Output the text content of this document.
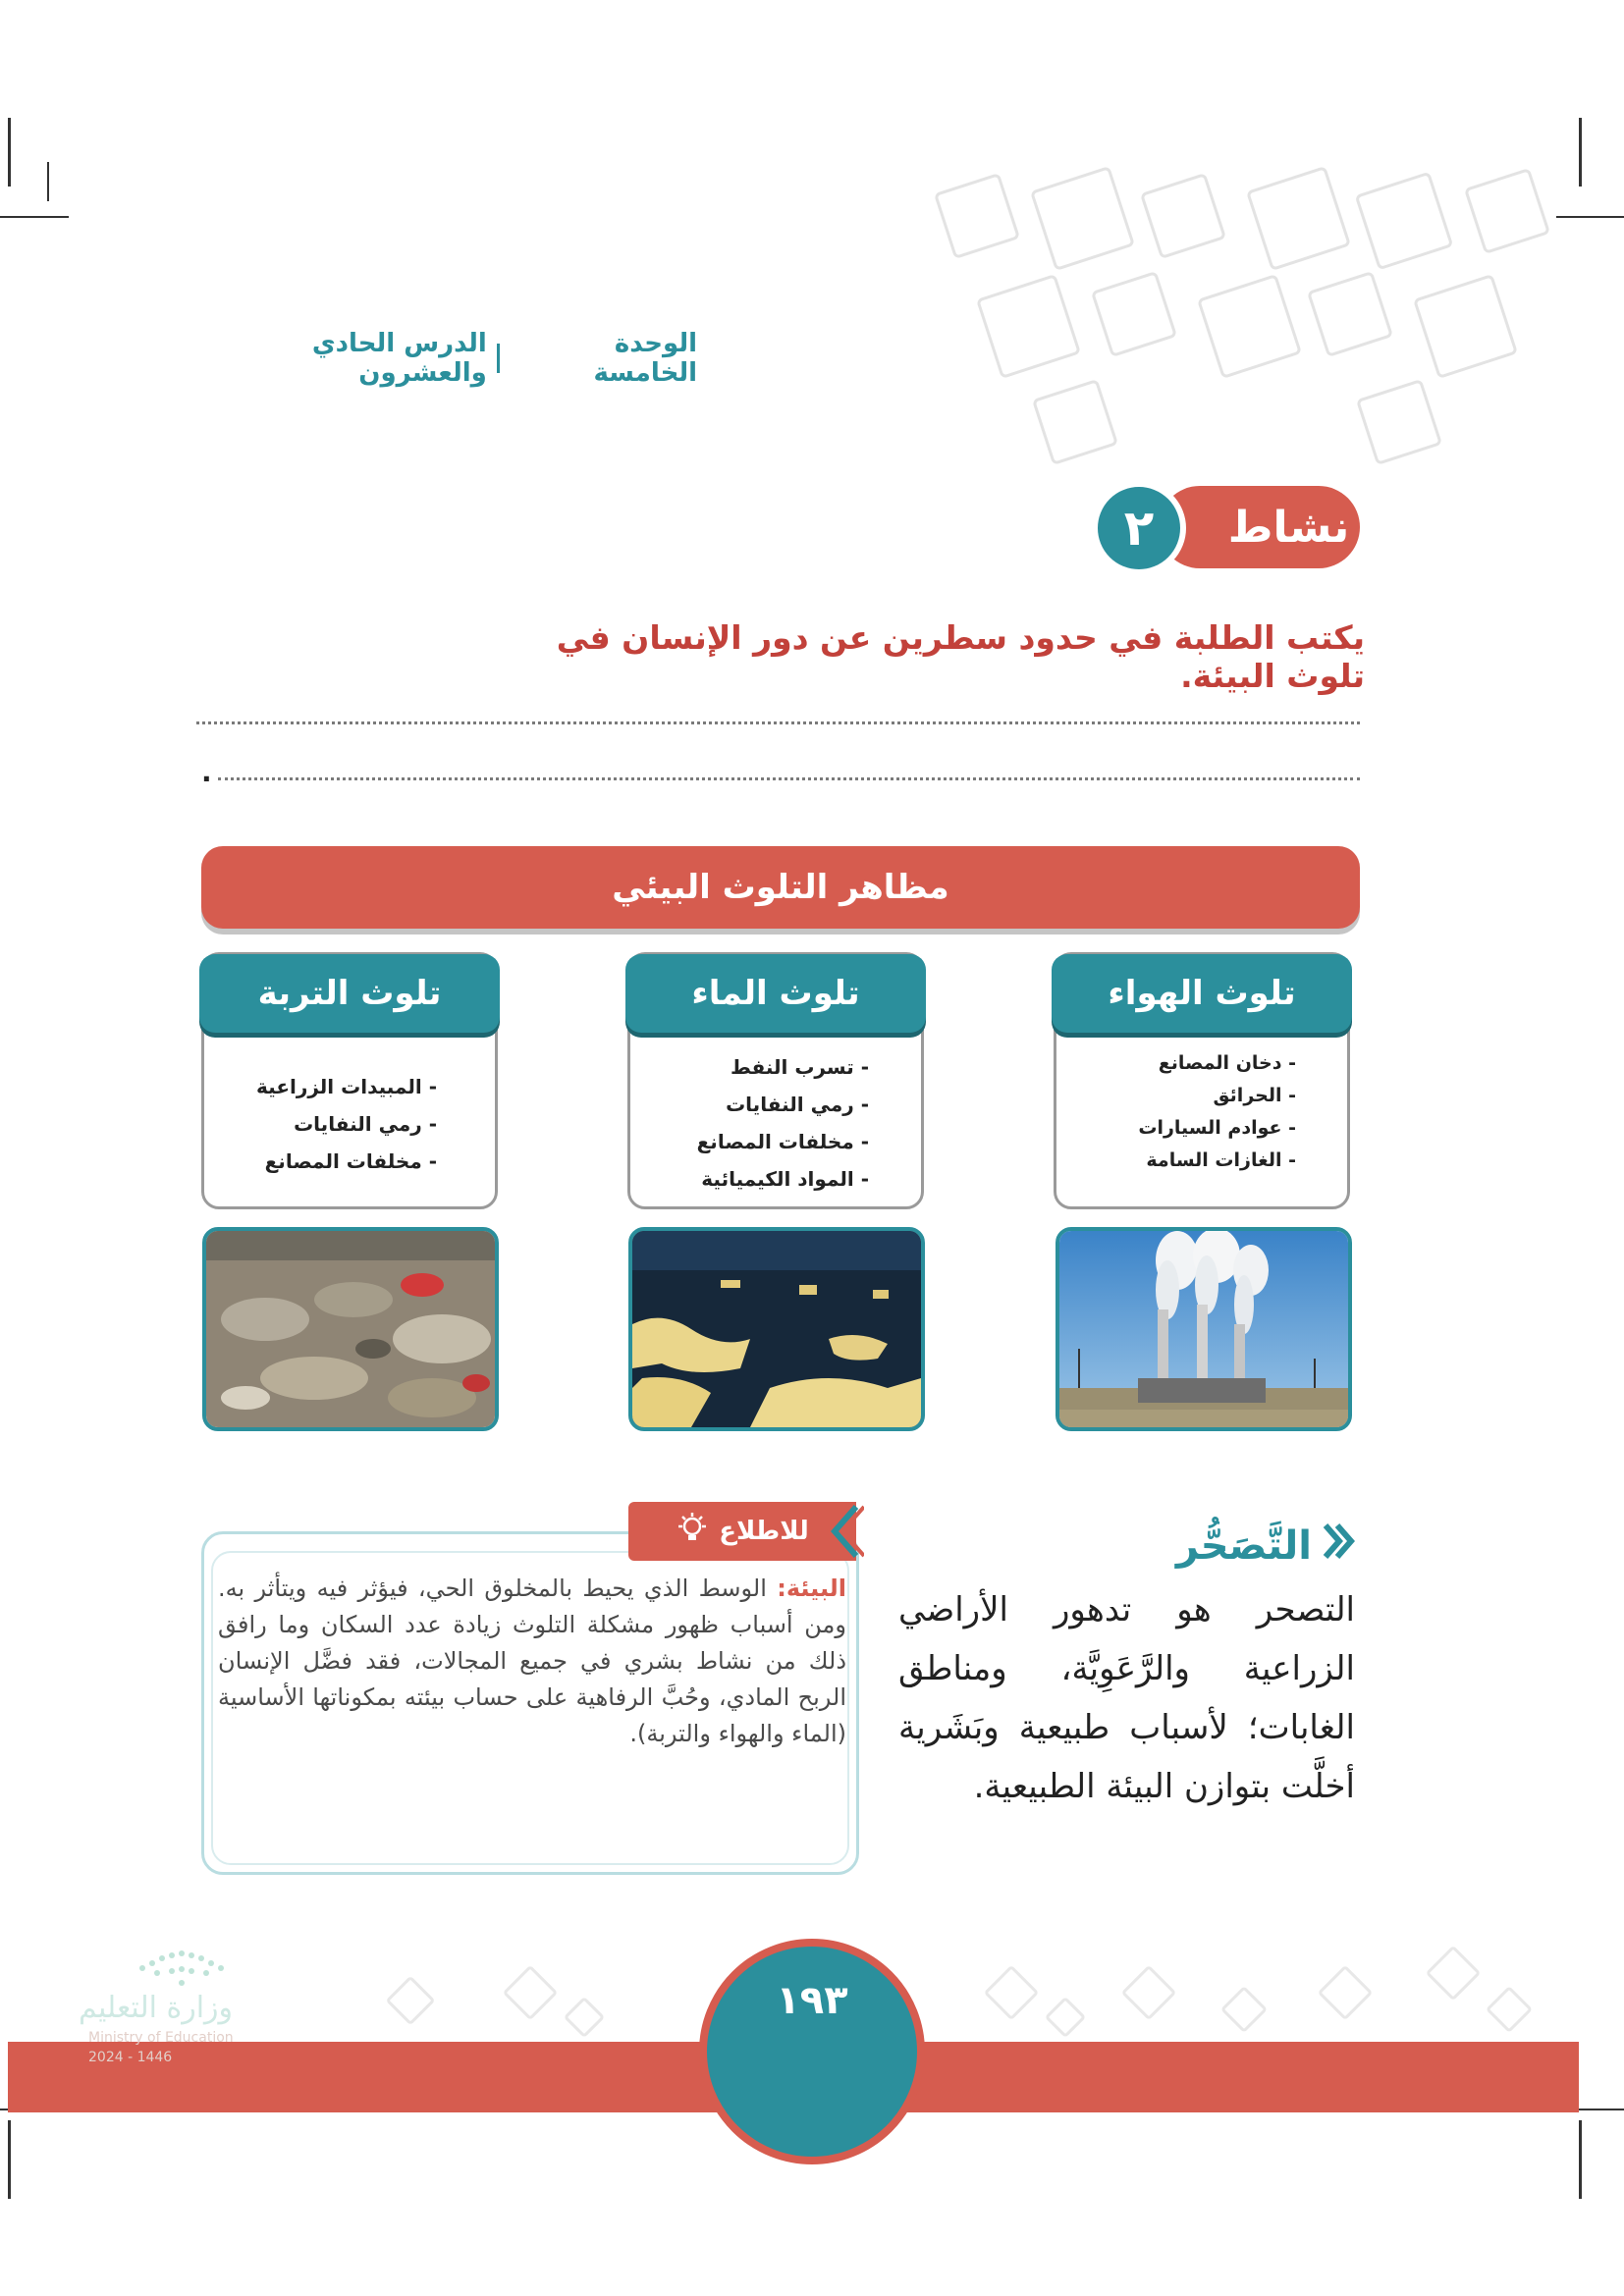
الوحدة الخامسة
الدرس الحادي والعشرون
نشاط
٢
يكتب الطلبة في حدود سطرين عن دور الإنسان في تلوث البيئة.
.
مظاهر التلوث البيئي
تلوث الهواء
- دخان المصانع
- الحرائق
- عوادم السيارات
- الغازات السامة
تلوث الماء
- تسرب النفط
- رمي النفايات
- مخلفات المصانع
- المواد الكيميائية
تلوث التربة
- المبيدات الزراعية
- رمي النفايات
- مخلفات المصانع
للاطلاع

البيئة: الوسط الذي يحيط بالمخلوق الحي، فيؤثر فيه ويتأثر به. ومن أسباب ظهور مشكلة التلوث زيادة عدد السكان وما رافق ذلك من نشاط بشري في جميع المجالات، فقد فضَّل الإنسان الربح المادي، وحُبَّ الرفاهية على حساب بيئته بمكوناتها الأساسية (الماء والهواء والتربة).

التَّصَحُّر
التصحر هو تدهور الأراضي الزراعية والرَّعَوِيَّة، ومناطق الغابات؛ لأسباب طبيعية وبَشَرية أخلَّت بتوازن البيئة الطبيعية.
١٩٣
وزارة التعليم
Ministry of Education
2024 - 1446
